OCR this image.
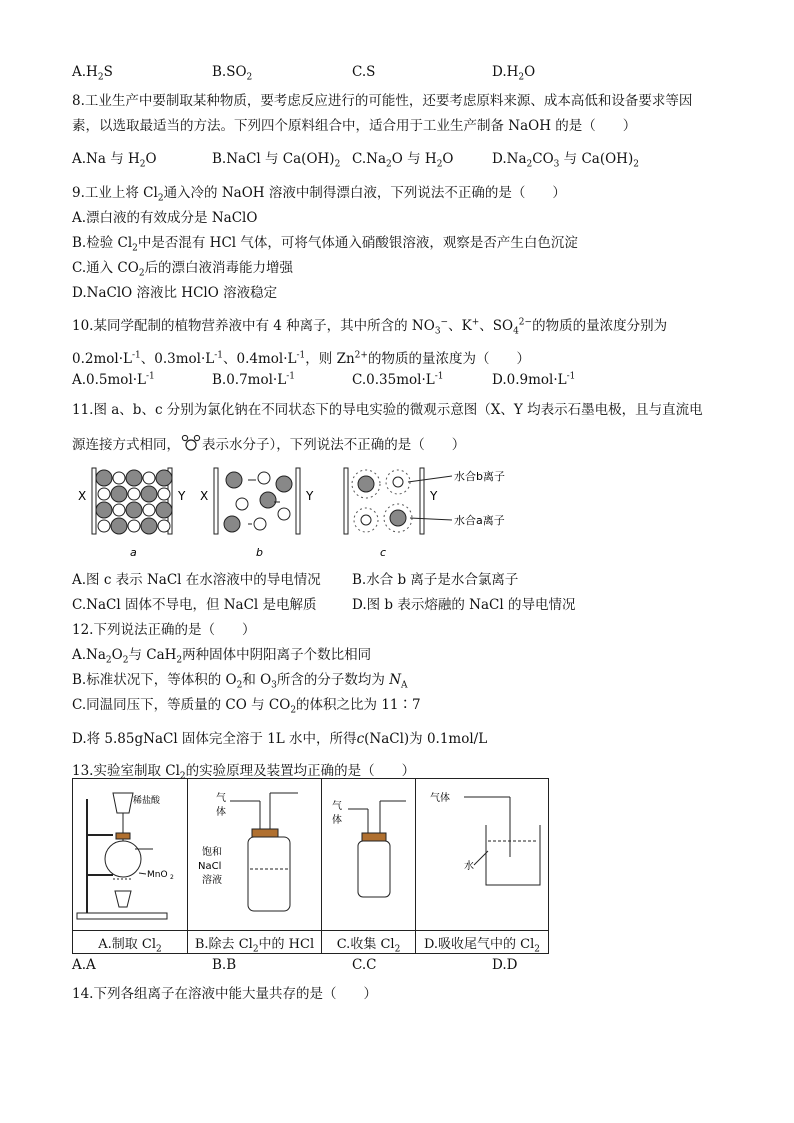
$A.H_2S$	$B.SO_2$	C.S	$D.H_2O$
8.工业生产中要制取某种物质，要考虑反应进行的可能性，还要考虑原料来源、成本高低和设备要求等因
素，以选取最适当的方法。下列四个原料组合中，适合用于工业生产制备 NaOH 的是（　　）
A.Na 与 $H_2O$	B.NaCl 与 $Ca(OH)_2$ $C.Na_2O$ 与 $H_2O$	$D.Na_2CO_3$ 与 $Ca(OH)_2$
9.工业上将 $Cl_2$通入冷的 NaOH 溶液中制得漂白液，下列说法不正确的是（　　）
A.漂白液的有效成分是 NaClO
B.检验 $Cl_2$中是否混有 HCl 气体，可将气体通入硝酸银溶液，观察是否产生白色沉淀
C.通入 $CO_2$后的漂白液消毒能力增强
D.NaClO 溶液比 HClO 溶液稳定
10.某同学配制的植物营养液中有 4 种离子，其中所含的 $NO_3^-$、K+、$SO_4^{2-}$的物质的量浓度分别为
$0.2mol\cdot L^{-1}$、$0.3mol\cdot L^{-1}$、$0.4mol\cdot L^{-1}$，则 $Zn^{2+}$的物质的量浓度为（　　）
$A.0.5mol\cdot L^{-1}$	$B.0.7mol\cdot L^{-1}$	$C.0.35mol\cdot L^{-1}$	$D.0.9mol\cdot L^{-1}$
11.图 a、b、c 分别为氯化钠在不同状态下的导电实验的微观示意图（X、Y 均表示石墨电极，且与直流电
源连接方式相同， 表示水分子），下列说法不正确的是（　　）
X	Y
a
X	Y
b
Y
水合b离子
水合a离子
c
A.图 c 表示 NaCl 在水溶液中的导电情况 B.水合 b 离子是水合氯离子
C.NaCl 固体不导电，但 NaCl 是电解质	D.图 b 表示熔融的 NaCl 的导电情况
12.下列说法正确的是（　　）
$A.Na_2O_2$与 CaH$_2$两种固体中阴阳离子个数比相同
B.标准状况下，等体积的 $O_2$和 $O_3$所含的分子数均为 $N_A$
C.同温同压下，等质量的 CO 与 $CO_2$的体积之比为 11∶7
D.将 5.85gNaCl 固体完全溶于 1L 水中，所得c(NaCl)为 0.1mol/L
13.实验室制取 $Cl_2$的实验原理及装置均正确的是（　　）
稀盐酸
MnO 2	气
体
饱和
NaCl
溶液	气
体	气体
水

A.制取 $Cl_2$	B.除去 $Cl_2$中的 HCl	C.收集 $Cl_2$	D.吸收尾气中的 $Cl_2$
A.A	B.B	C.C	D.D
14.下列各组离子在溶液中能大量共存的是（　　）
